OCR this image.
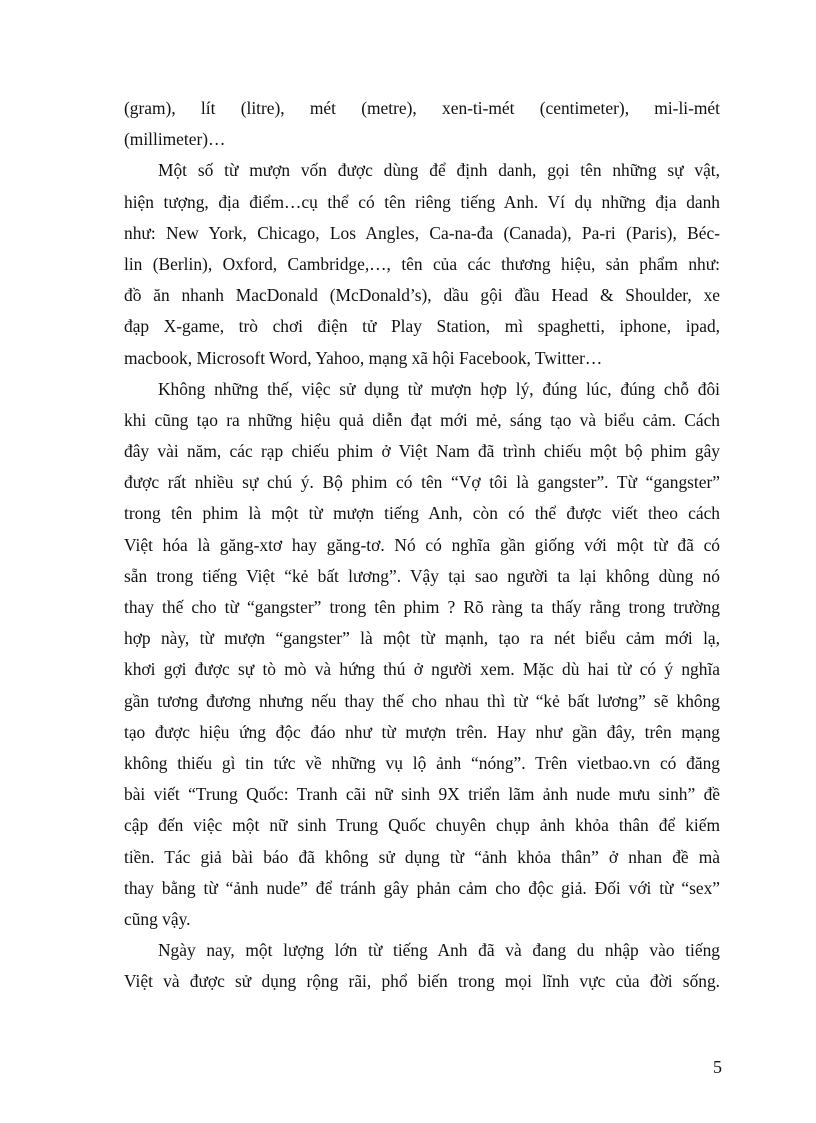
(gram), lít (litre), mét (metre), xen-ti-mét (centimeter), mi-li-mét
(millimeter)…
Một số từ mượn vốn được dùng để định danh, gọi tên những sự vật,
hiện tượng, địa điểm…cụ thể có tên riêng tiếng Anh. Ví dụ những địa danh
như: New York, Chicago, Los Angles, Ca-na-đa (Canada), Pa-ri (Paris), Béc-
lin (Berlin), Oxford, Cambridge,…, tên của các thương hiệu, sản phẩm như:
đồ ăn nhanh MacDonald (McDonald’s), dầu gội đầu Head & Shoulder, xe
đạp X-game, trò chơi điện tử Play Station, mì spaghetti, iphone, ipad,
macbook, Microsoft Word, Yahoo, mạng xã hội Facebook, Twitter…
Không những thế, việc sử dụng từ mượn hợp lý, đúng lúc, đúng chỗ đôi
khi cũng tạo ra những hiệu quả diễn đạt mới mẻ, sáng tạo và biểu cảm. Cách
đây vài năm, các rạp chiếu phim ở Việt Nam đã trình chiếu một bộ phim gây
được rất nhiều sự chú ý. Bộ phim có tên “Vợ tôi là gangster”. Từ “gangster”
trong tên phim là một từ mượn tiếng Anh, còn có thể được viết theo cách
Việt hóa là găng-xtơ hay găng-tơ. Nó có nghĩa gần giống với một từ đã có
sẵn trong tiếng Việt “kẻ bất lương”. Vậy tại sao người ta lại không dùng nó
thay thế cho từ “gangster” trong tên phim ? Rõ ràng ta thấy rằng trong trường
hợp này, từ mượn “gangster” là một từ mạnh, tạo ra nét biểu cảm mới lạ,
khơi gợi được sự tò mò và hứng thú ở người xem. Mặc dù hai từ có ý nghĩa
gần tương đương nhưng nếu thay thế cho nhau thì từ “kẻ bất lương” sẽ không
tạo được hiệu ứng độc đáo như từ mượn trên. Hay như gần đây, trên mạng
không thiếu gì tin tức về những vụ lộ ảnh “nóng”. Trên vietbao.vn có đăng
bài viết “Trung Quốc: Tranh cãi nữ sinh 9X triển lãm ảnh nude mưu sinh” đề
cập đến việc một nữ sinh Trung Quốc chuyên chụp ảnh khỏa thân để kiếm
tiền. Tác giả bài báo đã không sử dụng từ “ảnh khỏa thân” ở nhan đề mà
thay bằng từ “ảnh nude” để tránh gây phản cảm cho độc giả. Đối với từ “sex”
cũng vậy.
Ngày nay, một lượng lớn từ tiếng Anh đã và đang du nhập vào tiếng
Việt và được sử dụng rộng rãi, phổ biến trong mọi lĩnh vực của đời sống.
5
